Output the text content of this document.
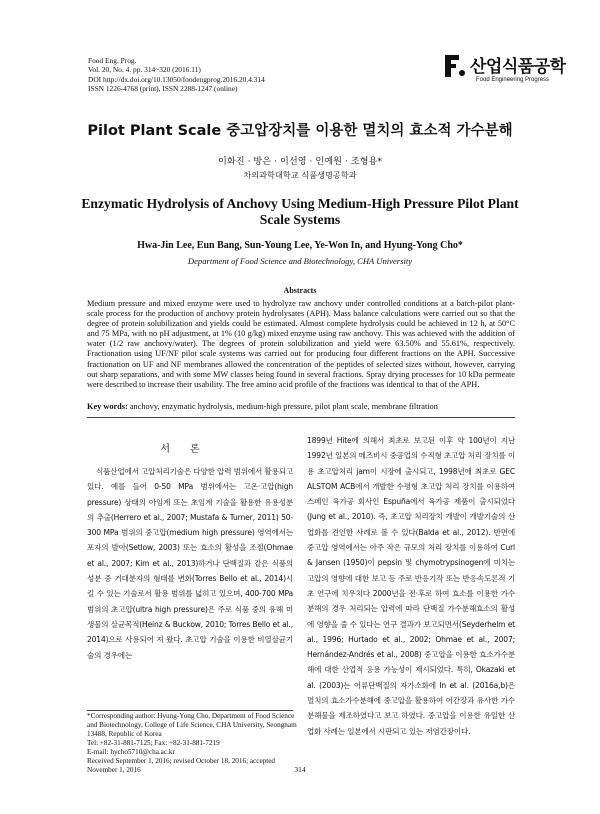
Food Eng. Prog.
Vol. 20, No. 4. pp. 314~320 (2016.11)
DOI http://dx.doi.org/10.13050/foodengprog.2016.20.4.314
ISSN 1226-4768 (print), ISSN 2288-1247 (online)
산업식품공학
Food Engineering Progress
Pilot Plant Scale 중고압장치를 이용한 멸치의 효소적 가수분해
이화진 · 방은 · 이선영 · 인예원 · 조형용*
차의과학대학교 식품생명공학과
Enzymatic Hydrolysis of Anchovy Using Medium-High Pressure Pilot Plant Scale Systems
Hwa-Jin Lee, Eun Bang, Sun-Young Lee, Ye-Won In, and Hyung-Yong Cho*
Department of Food Science and Biotechnology, CHA University
Abstracts
Medium pressure and mixed enzyme were used to hydrolyze raw anchovy under controlled conditions at a batch-pilot plant-scale process for the production of anchovy protein hydrolysates (APH). Mass balance calculations were carried out so that the degree of protein solubilization and yields could be estimated. Almost complete hydrolysis could be achieved in 12 h, at 50°C and 75 MPa, with no pH adjustment, at 1% (10 g/kg) mixed enzyme using raw anchovy. This was achieved with the addition of water (1/2 raw anchovy/water). The degrees of protein solubilization and yield were 63.50% and 55.61%, respectively. Fractionation using UF/NF pilot scale systems was carried out for producing four different fractions on the APH. Successive fractionation on UF and NF membranes allowed the concentration of the peptides of selected sizes without, however, carrying out sharp separations, and with some MW classes being found in several fractions. Spray drying processes for 10 kDa permeate were described to increase their usability. The free amino acid profile of the fractions was identical to that of the APH.
Key words: anchovy, enzymatic hydrolysis, medium-high pressure, pilot plant scale, membrane filtration
서론

식품산업에서 고압처리기술은 다양한 압력 범위에서 활용되고 있다. 예를 들어 0-50 MPa 범위에서는 고온·고압(high pressure) 상태의 아임계 또는 초임계 기술을 활용한 유용성분의 추출(Herrero et al., 2007; Mustafa & Turner, 2011) 50-300 MPa 범위의 중고압(medium high pressure) 영역에서는 포자의 발아(Setlow, 2003) 또는 효소의 활성을 조절(Ohmae et al., 2007; Kim et al., 2013)하거나 단백질과 같은 식품의 성분 중 거대분자의 형태를 변화(Torres Bello et al., 2014)시킬 수 있는 기술로서 활용 범위를 넓히고 있으며, 400-700 MPa 범위의 초고압(ultra high pressure)은 주로 식품 중의 유해 미생물의 살균목적(Heinz & Buckow, 2010; Torres Bello et al., 2014)으로 사용되어 져 왔다. 초고압 기술을 이용한 비열살균기술의 경우에는

1899년 Hite에 의해서 최초로 보고된 이후 약 100년이 지난 1992년 일본의 메즈비시 중공업의 수직형 초고압 처리 장치를 이용 초고압처리 jam이 시장에 출시되고, 1998년에 최초로 GEC ALSTOM ACB에서 개발한 수평형 초고압 처리 장치를 이용하여 스페인 육가공 회사인 Espuña에서 육가공 제품이 출시되었다(Jung et al., 2010). 즉, 초고압 처리장치 개발이 개발기술의 산업화를 견인한 사례로 볼 수 있다(Balda et al., 2012). 반면에 중고압 영역에서는 아주 작은 규모의 처리 장치를 이용하여 Curl & Jansen (1950)이 pepsin 및 chymotrypsinogen에 미치는 고압의 영향에 대한 보고 등 주로 반응기작 또는 반응속도론적 기초 연구에 치우치다 2000년을 전·후로 하여 효소를 이용한 가수분해의 경우 처리되는 압력에 따라 단백질 가수분해효소의 활성에 영향을 줄 수 있다는 연구 결과가 보고되면서(Seyderhelm et al., 1996; Hurtado et al., 2002; Ohmae et al., 2007; Hernández-Andrés et al., 2008) 중고압을 이용한 효소가수분해에 대한 산업적 응용 가능성이 제시되었다. 특히, Okazaki et al. (2003)는 어류단백질의 자가소화에 In et al. (2016a,b)은 멸치의 효소가수분해에 중고압을 활용하여 어간장과 유사한 가수분해물을 제조하였다고 보고 하였다. 중고압을 이용한 유일한 산업화 사례는 일본에서 시판되고 있는 저염간장이다.

*Corresponding author: Hyung-Yong Cho, Department of Food Science and Biotechnology, College of Life Science, CHA University, Seongnam 13488, Republic of Korea
Tel: +82-31-881-7125; Fax: +82-31-881-7219
E-mail: hycho5710@cha.ac.kr
Received September 1, 2016; revised October 18, 2016; accepted November 1, 2016	314
